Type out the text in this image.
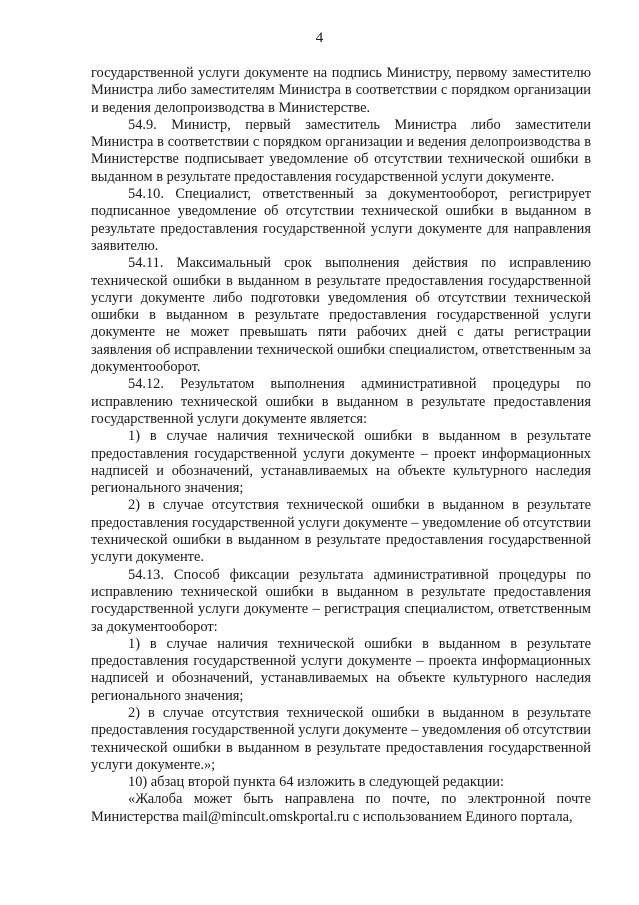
4

государственной услуги документе на подпись Министру, первому заместителю Министра либо заместителям Министра в соответствии с порядком организации и ведения делопроизводства в Министерстве.

54.9. Министр, первый заместитель Министра либо заместители Министра в соответствии с порядком организации и ведения делопроизводства в Министерстве подписывает уведомление об отсутствии технической ошибки в выданном в результате предоставления государственной услуги документе.

54.10. Специалист, ответственный за документооборот, регистрирует подписанное уведомление об отсутствии технической ошибки в выданном в результате предоставления государственной услуги документе для направления заявителю.

54.11. Максимальный срок выполнения действия по исправлению технической ошибки в выданном в результате предоставления государственной услуги документе либо подготовки уведомления об отсутствии технической ошибки в выданном в результате предоставления государственной услуги документе не может превышать пяти рабочих дней с даты регистрации заявления об исправлении технической ошибки специалистом, ответственным за документооборот.

54.12. Результатом выполнения административной процедуры по исправлению технической ошибки в выданном в результате предоставления государственной услуги документе является:

1) в случае наличия технической ошибки в выданном в результате предоставления государственной услуги документе – проект информационных надписей и обозначений, устанавливаемых на объекте культурного наследия регионального значения;

2) в случае отсутствия технической ошибки в выданном в результате предоставления государственной услуги документе – уведомление об отсутствии технической ошибки в выданном в результате предоставления государственной услуги документе.

54.13. Способ фиксации результата административной процедуры по исправлению технической ошибки в выданном в результате предоставления государственной услуги документе – регистрация специалистом, ответственным за документооборот:

1) в случае наличия технической ошибки в выданном в результате предоставления государственной услуги документе – проекта информационных надписей и обозначений, устанавливаемых на объекте культурного наследия регионального значения;

2) в случае отсутствия технической ошибки в выданном в результате предоставления государственной услуги документе – уведомления об отсутствии технической ошибки в выданном в результате предоставления государственной услуги документе.»;

10) абзац второй пункта 64 изложить в следующей редакции:

«Жалоба может быть направлена по почте, по электронной почте Министерства mail@mincult.omskportal.ru с использованием Единого портала,
